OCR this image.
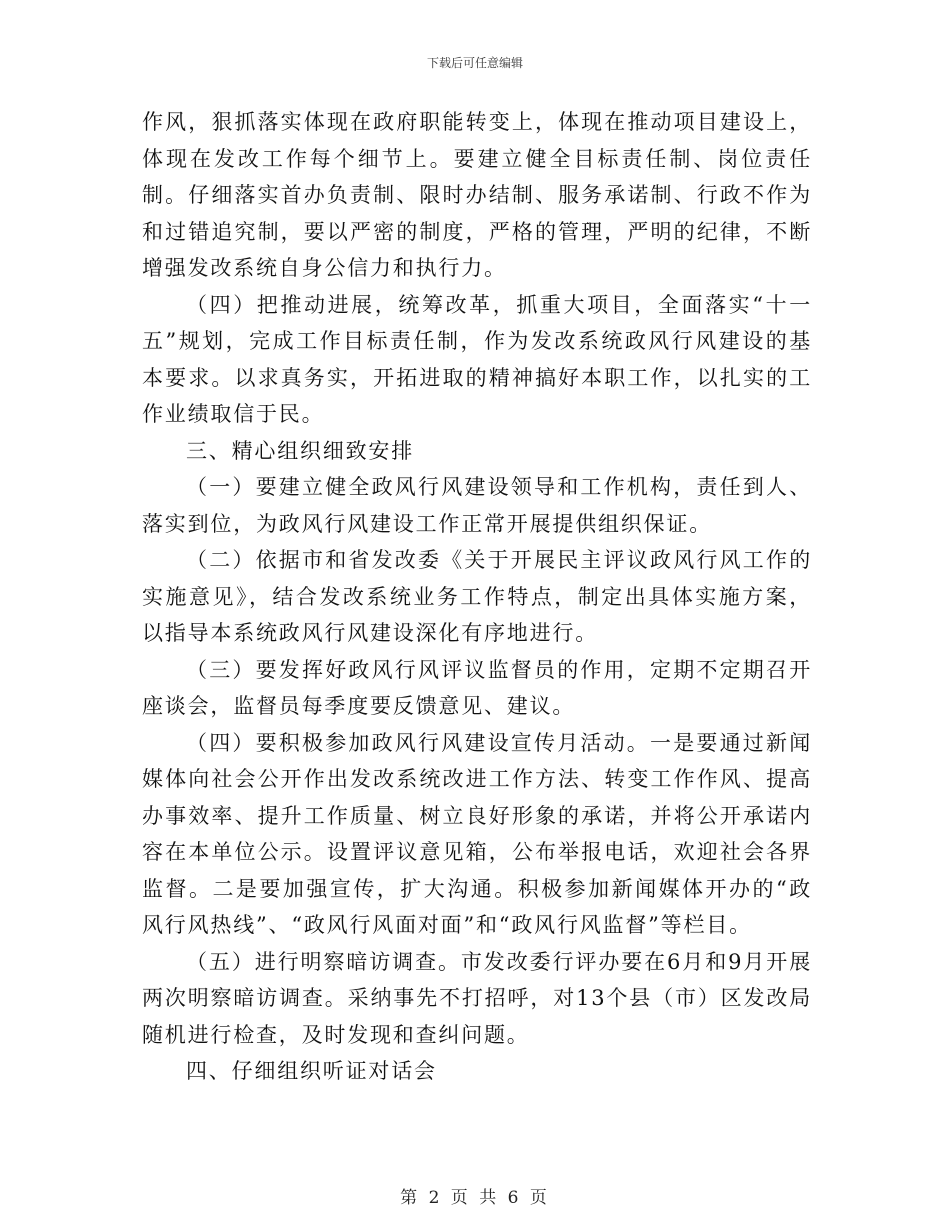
下载后可任意编辑

作风，狠抓落实体现在政府职能转变上，体现在推动项目建设上，体现在发改工作每个细节上。要建立健全目标责任制、岗位责任制。仔细落实首办负责制、限时办结制、服务承诺制、行政不作为和过错追究制，要以严密的制度，严格的管理，严明的纪律，不断增强发改系统自身公信力和执行力。

（四）把推动进展，统筹改革，抓重大项目，全面落实“十一五”规划，完成工作目标责任制，作为发改系统政风行风建设的基本要求。以求真务实，开拓进取的精神搞好本职工作，以扎实的工作业绩取信于民。

三、精心组织细致安排

（一）要建立健全政风行风建设领导和工作机构，责任到人、落实到位，为政风行风建设工作正常开展提供组织保证。

（二）依据市和省发改委《关于开展民主评议政风行风工作的实施意见》，结合发改系统业务工作特点，制定出具体实施方案，以指导本系统政风行风建设深化有序地进行。

（三）要发挥好政风行风评议监督员的作用，定期不定期召开座谈会，监督员每季度要反馈意见、建议。

（四）要积极参加政风行风建设宣传月活动。一是要通过新闻媒体向社会公开作出发改系统改进工作方法、转变工作作风、提高办事效率、提升工作质量、树立良好形象的承诺，并将公开承诺内容在本单位公示。设置评议意见箱，公布举报电话，欢迎社会各界监督。二是要加强宣传，扩大沟通。积极参加新闻媒体开办的“政风行风热线”、“政风行风面对面”和“政风行风监督”等栏目。

（五）进行明察暗访调查。市发改委行评办要在6月和9月开展两次明察暗访调查。采纳事先不打招呼，对13个县（市）区发改局随机进行检查，及时发现和查纠问题。

四、仔细组织听证对话会

第 2 页 共 6 页
